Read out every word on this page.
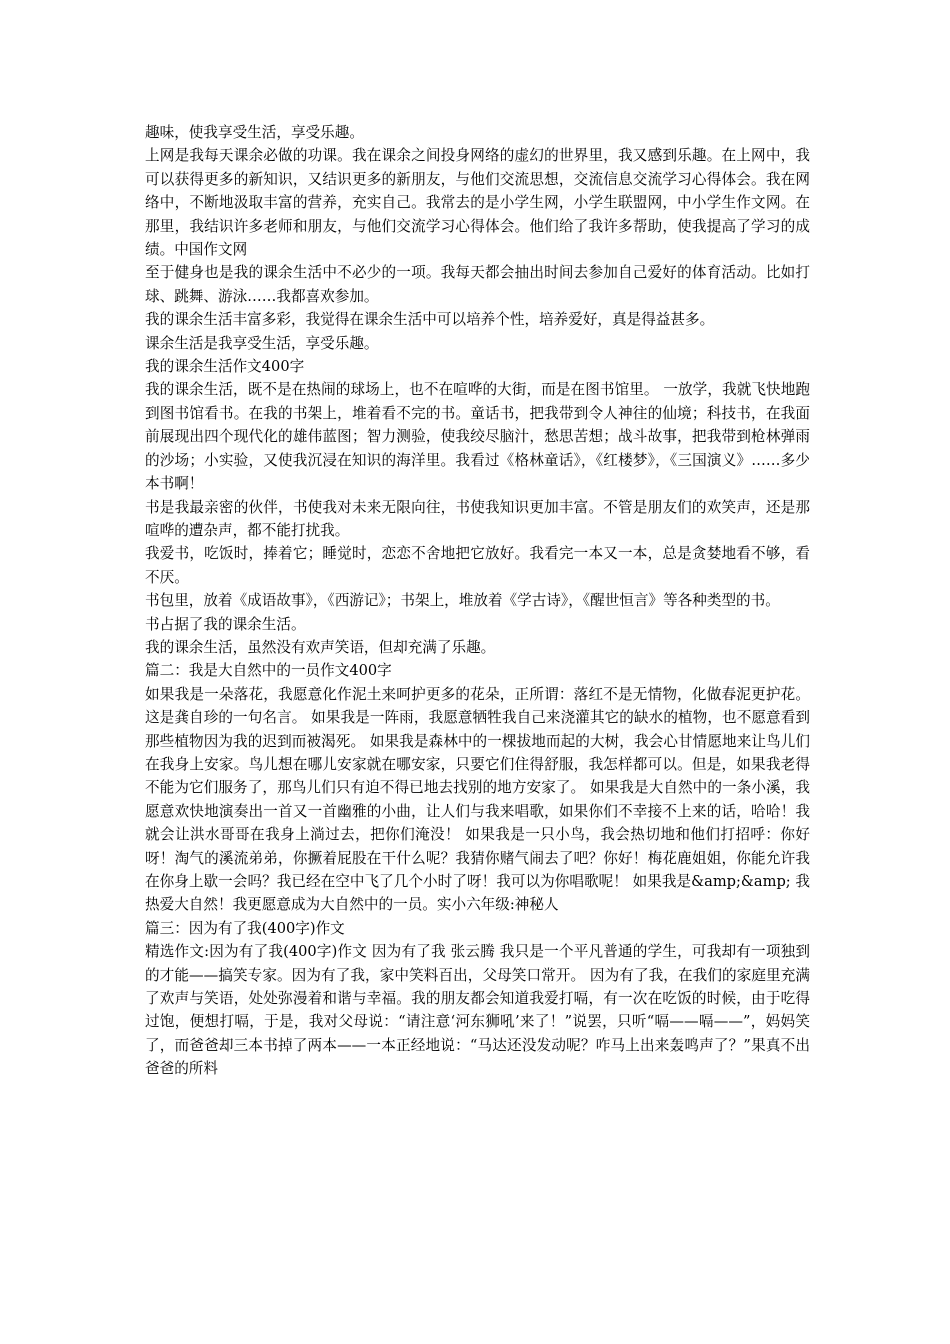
趣味，使我享受生活，享受乐趣。

上网是我每天课余必做的功课。我在课余之间投身网络的虚幻的世界里，我又感到乐趣。在上网中，我可以获得更多的新知识，又结识更多的新朋友，与他们交流思想，交流信息交流学习心得体会。我在网络中，不断地汲取丰富的营养，充实自己。我常去的是小学生网，小学生联盟网，中小学生作文网。在那里，我结识许多老师和朋友，与他们交流学习心得体会。他们给了我许多帮助，使我提高了学习的成绩。中国作文网

至于健身也是我的课余生活中不必少的一项。我每天都会抽出时间去参加自己爱好的体育活动。比如打球、跳舞、游泳……我都喜欢参加。

我的课余生活丰富多彩，我觉得在课余生活中可以培养个性，培养爱好，真是得益甚多。

课余生活是我享受生活，享受乐趣。

我的课余生活作文400字

我的课余生活，既不是在热闹的球场上，也不在喧哗的大街，而是在图书馆里。 一放学，我就飞快地跑到图书馆看书。在我的书架上，堆着看不完的书。童话书，把我带到令人神往的仙境；科技书，在我面前展现出四个现代化的雄伟蓝图；智力测验，使我绞尽脑汁，愁思苦想；战斗故事，把我带到枪林弹雨的沙场；小实验，又使我沉浸在知识的海洋里。我看过《格林童话》，《红楼梦》，《三国演义》……多少本书啊！

书是我最亲密的伙伴，书使我对未来无限向往，书使我知识更加丰富。不管是朋友们的欢笑声，还是那喧哗的遭杂声，都不能打扰我。

我爱书，吃饭时，捧着它；睡觉时，恋恋不舍地把它放好。我看完一本又一本，总是贪婪地看不够，看不厌。

书包里，放着《成语故事》，《西游记》；书架上，堆放着《学古诗》，《醒世恒言》等各种类型的书。

书占据了我的课余生活。

我的课余生活，虽然没有欢声笑语，但却充满了乐趣。

篇二：我是大自然中的一员作文400字

如果我是一朵落花，我愿意化作泥土来呵护更多的花朵，正所谓：落红不是无情物，化做春泥更护花。这是龚自珍的一句名言。 如果我是一阵雨，我愿意牺牲我自己来浇灌其它的缺水的植物，也不愿意看到那些植物因为我的迟到而被渴死。 如果我是森林中的一棵拔地而起的大树，我会心甘情愿地来让鸟儿们在我身上安家。鸟儿想在哪儿安家就在哪安家，只要它们住得舒服，我怎样都可以。但是，如果我老得不能为它们服务了，那鸟儿们只有迫不得已地去找别的地方安家了。 如果我是大自然中的一条小溪，我愿意欢快地演奏出一首又一首幽雅的小曲，让人们与我来唱歌，如果你们不幸接不上来的话，哈哈！我就会让洪水哥哥在我身上淌过去，把你们淹没！ 如果我是一只小鸟，我会热切地和他们打招呼：你好呀！淘气的溪流弟弟，你撅着屁股在干什么呢？我猜你赌气闹去了吧？你好！梅花鹿姐姐，你能允许我在你身上歇一会吗？我已经在空中飞了几个小时了呀！我可以为你唱歌呢！ 如果我是&amp;&amp; 我热爱大自然！我更愿意成为大自然中的一员。实小六年级:神秘人

篇三：因为有了我(400字)作文

精选作文:因为有了我(400字)作文 因为有了我 张云腾 我只是一个平凡普通的学生，可我却有一项独到的才能——搞笑专家。因为有了我，家中笑料百出，父母笑口常开。 因为有了我，在我们的家庭里充满了欢声与笑语，处处弥漫着和谐与幸福。我的朋友都会知道我爱打嗝，有一次在吃饭的时候，由于吃得过饱，便想打嗝，于是，我对父母说：“请注意‘河东狮吼’来了！”说罢，只听“嗝——嗝——”，妈妈笑了，而爸爸却三本书掉了两本——一本正经地说：“马达还没发动呢？咋马上出来轰鸣声了？”果真不出爸爸的所料
